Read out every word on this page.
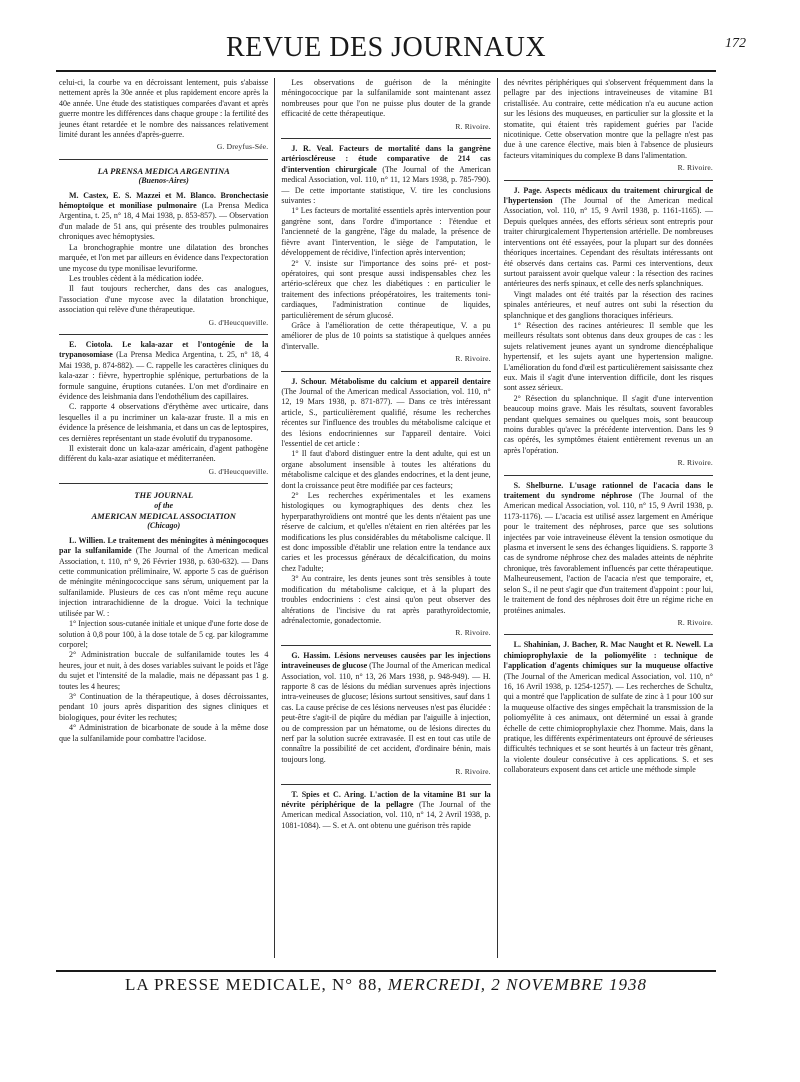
REVUE DES JOURNAUX	172

celui-ci, la courbe va en décroissant lentement, puis s'abaisse nettement après la 30e année et plus rapidement encore après la 40e année. Une étude des statistiques comparées d'avant et après guerre montre les différences dans chaque groupe : la fertilité des jeunes étant retardée et le nombre des naissances relativement limité durant les années d'après-guerre.

G. Dreyfus-Sée.
LA PRENSA MEDICA ARGENTINA
(Buenos-Aires)

M. Castex, E. S. Mazzei et M. Blanco. Bronchectasie hémoptoïque et moniliase pulmonaire (La Prensa Medica Argentina, t. 25, n° 18, 4 Mai 1938, p. 853-857). — Observation d'un malade de 51 ans, qui présente des troubles pulmonaires chroniques avec hémoptysies.

La bronchographie montre une dilatation des bronches marquée, et l'on met par ailleurs en évidence dans l'expectoration une mycose du type monilisae levuriforme.

Les troubles cèdent à la médication iodée.

Il faut toujours rechercher, dans des cas analogues, l'association d'une mycose avec la dilatation bronchique, association qui relève d'une thérapeutique.

G. d'Heucqueville.

E. Ciotola. Le kala-azar et l'ontogénie de la trypanosomiase (La Prensa Medica Argentina, t. 25, n° 18, 4 Mai 1938, p. 874-882). — C. rappelle les caractères cliniques du kala-azar : fièvre, hypertrophie splénique, perturbations de la formule sanguine, éruptions cutanées. L'on met d'ordinaire en évidence des leishmania dans l'endothélium des capillaires.

C. rapporte 4 observations d'érythème avec urticaire, dans lesquelles il a pu incriminer un kala-azar fruste. Il a mis en évidence la présence de leishmania, et dans un cas de leptospires, ces dernières représentant un stade évolutif du trypanosome.

Il existerait donc un kala-azar américain, d'agent pathogène différent du kala-azar asiatique et méditerranéen.

G. d'Heucqueville.
THE JOURNAL
of the
AMERICAN MEDICAL ASSOCIATION
(Chicago)

L. Willien. Le traitement des méningites à méningocoques par la sulfanilamide (The Journal of the American medical Association, t. 110, n° 9, 26 Février 1938, p. 630-632). — Dans cette communication préliminaire, W. apporte 5 cas de guérison de méningite méningococcique sans sérum, uniquement par la sulfanilamide. Plusieurs de ces cas n'ont même reçu aucune injection intrarachidienne de la drogue. Voici la technique utilisée par W. :

1° Injection sous-cutanée initiale et unique d'une forte dose de solution à 0,8 pour 100, à la dose totale de 5 cg. par kilogramme corporel;

2° Administration buccale de sulfanilamide toutes les 4 heures, jour et nuit, à des doses variables suivant le poids et l'âge du sujet et l'intensité de la maladie, mais ne dépassant pas 1 g. toutes les 4 heures;

3° Continuation de la thérapeutique, à doses décroissantes, pendant 10 jours après disparition des signes cliniques et biologiques, pour éviter les rechutes;

4° Administration de bicarbonate de soude à la même dose que la sulfanilamide pour combattre l'acidose.

Les observations de guérison de la méningite méningococcique par la sulfanilamide sont maintenant assez nombreuses pour que l'on ne puisse plus douter de la grande efficacité de cette thérapeutique.

R. Rivoire.

J. R. Veal. Facteurs de mortalité dans la gangrène artérioscléreuse : étude comparative de 214 cas d'intervention chirurgicale (The Journal of the American medical Association, vol. 110, n° 11, 12 Mars 1938, p. 785-790). — De cette importante statistique, V. tire les conclusions suivantes :

1° Les facteurs de mortalité essentiels après intervention pour gangrène sont, dans l'ordre d'importance : l'étendue et l'ancienneté de la gangrène, l'âge du malade, la présence de fièvre avant l'intervention, le siège de l'amputation, le développement de récidive, l'infection après intervention;

2° V. insiste sur l'importance des soins pré- et post-opératoires, qui sont presque aussi indispensables chez les artério-scléreux que chez les diabétiques : en particulier le traitement des infections préopératoires, les traitements toni-cardiaques, l'administration continue de liquides, particulièrement de sérum glucosé.

Grâce à l'amélioration de cette thérapeutique, V. a pu améliorer de plus de 10 points sa statistique à quelques années d'intervalle.

R. Rivoire.

J. Schour. Métabolisme du calcium et appareil dentaire (The Journal of the American medical Association, vol. 110, n° 12, 19 Mars 1938, p. 871-877). — Dans ce très intéressant article, S., particulièrement qualifié, résume les recherches récentes sur l'influence des troubles du métabolisme calcique et des lésions endocriniennes sur l'appareil dentaire. Voici l'essentiel de cet article :

1° Il faut d'abord distinguer entre la dent adulte, qui est un organe absolument insensible à toutes les altérations du métabolisme calcique et des glandes endocrines, et la dent jeune, dont la croissance peut être modifiée par ces facteurs;

2° Les recherches expérimentales et les examens histologiques ou kymographiques des dents chez les hyperparathyroïdiens ont montré que les dents n'étaient pas une réserve de calcium, et qu'elles n'étaient en rien altérées par les modifications les plus considérables du métabolisme calcique. Il est donc impossible d'établir une relation entre la tendance aux caries et les processus généraux de décalcification, du moins chez l'adulte;

3° Au contraire, les dents jeunes sont très sensibles à toute modification du métabolisme calcique, et à la plupart des troubles endocriniens : c'est ainsi qu'on peut observer des altérations de l'incisive du rat après parathyroïdectomie, adrénalectomie, gonadectomie.

R. Rivoire.

G. Hassim. Lésions nerveuses causées par les injections intraveineuses de glucose (The Journal of the American medical Association, vol. 110, n° 13, 26 Mars 1938, p. 948-949). — H. rapporte 8 cas de lésions du médian survenues après injections intra-veineuses de glucose; lésions surtout sensitives, sauf dans 1 cas. La cause précise de ces lésions nerveuses n'est pas élucidée : peut-être s'agit-il de piqûre du médian par l'aiguille à injection, ou de compression par un hématome, ou de lésions directes du nerf par la solution sucrée extravasée. Il est en tout cas utile de connaître la possibilité de cet accident, d'ordinaire bénin, mais toujours long.

R. Rivoire.

T. Spies et C. Aring. L'action de la vitamine B1 sur la névrite périphérique de la pellagre (The Journal of the American medical Association, vol. 110, n° 14, 2 Avril 1938, p. 1081-1084). — S. et A. ont obtenu une guérison très rapide

des névrites périphériques qui s'observent fréquemment dans la pellagre par des injections intraveineuses de vitamine B1 cristallisée. Au contraire, cette médication n'a eu aucune action sur les lésions des muqueuses, en particulier sur la glossite et la stomatite, qui étaient très rapidement guéries par l'acide nicotinique. Cette observation montre que la pellagre n'est pas due à une carence élective, mais bien à l'absence de plusieurs facteurs vitaminiques du complexe B dans l'alimentation.

R. Rivoire.

J. Page. Aspects médicaux du traitement chirurgical de l'hypertension (The Journal of the American medical Association, vol. 110, n° 15, 9 Avril 1938, p. 1161-1165). — Depuis quelques années, des efforts sérieux sont entrepris pour traiter chirurgicalement l'hypertension artérielle. De nombreuses interventions ont été essayées, pour la plupart sur des données théoriques incertaines. Cependant des résultats intéressants ont été observés dans certains cas. Parmi ces interventions, deux surtout paraissent avoir quelque valeur : la résection des racines antérieures des nerfs spinaux, et celle des nerfs splanchniques.

Vingt malades ont été traités par la résection des racines spinales antérieures, et neuf autres ont subi la résection du splanchnique et des ganglions thoraciques inférieurs.

1° Résection des racines antérieures: Il semble que les meilleurs résultats sont obtenus dans deux groupes de cas : les sujets relativement jeunes ayant un syndrome diencéphalique hypertensif, et les sujets ayant une hypertension maligne. L'amélioration du fond d'œil est particulièrement saisissante chez eux. Mais il s'agit d'une intervention difficile, dont les risques sont assez sérieux.

2° Résection du splanchnique. Il s'agit d'une intervention beaucoup moins grave. Mais les résultats, souvent favorables pendant quelques semaines ou quelques mois, sont beaucoup moins durables qu'avec la précédente intervention. Dans les 9 cas opérés, les symptômes étaient entièrement revenus un an après l'opération.

R. Rivoire.

S. Shelburne. L'usage rationnel de l'acacia dans le traitement du syndrome néphrose (The Journal of the American medical Association, vol. 110, n° 15, 9 Avril 1938, p. 1173-1176). — L'acacia est utilisé assez largement en Amérique pour le traitement des néphroses, parce que ses solutions injectées par voie intraveineuse élèvent la tension osmotique du plasma et inversent le sens des échanges liquidiens. S. rapporte 3 cas de syndrome néphrose chez des malades atteints de néphrite chronique, très favorablement influencés par cette thérapeutique. Malheureusement, l'action de l'acacia n'est que temporaire, et, selon S., il ne peut s'agir que d'un traitement d'appoint : pour lui, le traitement de fond des néphroses doit être un régime riche en protéines animales.

R. Rivoire.

L. Shahinian, J. Bacher, R. Mac Naught et R. Newell. La chimioprophylaxie de la poliomyélite : technique de l'application d'agents chimiques sur la muqueuse olfactive (The Journal of the American medical Association, vol. 110, n° 16, 16 Avril 1938, p. 1254-1257). — Les recherches de Schultz, qui a montré que l'application de sulfate de zinc à 1 pour 100 sur la muqueuse olfactive des singes empêchait la transmission de la poliomyélite à ces animaux, ont déterminé un essai à grande échelle de cette chimioprophylaxie chez l'homme. Mais, dans la pratique, les différents expérimentateurs ont éprouvé de sérieuses difficultés techniques et se sont heurtés à un facteur très gênant, la violente douleur consécutive à ces applications. S. et ses collaborateurs exposent dans cet article une méthode simple

LA PRESSE MEDICALE, N° 88, MERCREDI, 2 NOVEMBRE 1938
